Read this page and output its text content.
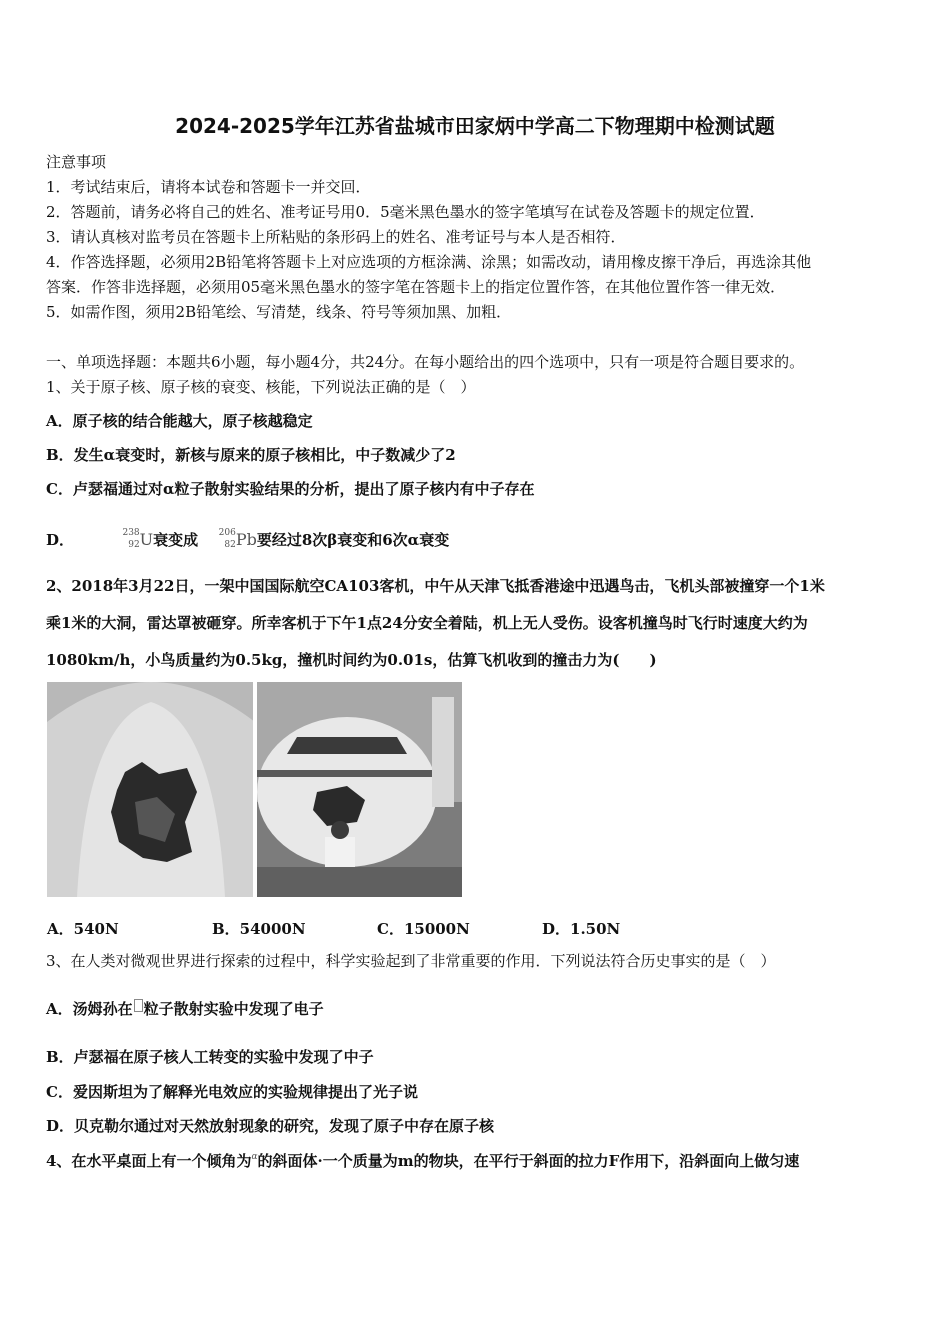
2024-2025学年江苏省盐城市田家炳中学高二下物理期中检测试题
注意事项
1．考试结束后，请将本试卷和答题卡一并交回．
2．答题前，请务必将自己的姓名、准考证号用0．5毫米黑色墨水的签字笔填写在试卷及答题卡的规定位置．
3．请认真核对监考员在答题卡上所粘贴的条形码上的姓名、准考证号与本人是否相符．
4．作答选择题，必须用2B铅笔将答题卡上对应选项的方框涂满、涂黑；如需改动，请用橡皮擦干净后，再选涂其他
答案．作答非选择题，必须用05毫米黑色墨水的签字笔在答题卡上的指定位置作答，在其他位置作答一律无效．
5．如需作图，须用2B铅笔绘、写清楚，线条、符号等须加黑、加粗．
一、单项选择题：本题共6小题，每小题4分，共24分。在每小题给出的四个选项中，只有一项是符合题目要求的。
1、关于原子核、原子核的衰变、核能，下列说法正确的是（　）
A．原子核的结合能越大，原子核越稳定
B．发生α衰变时，新核与原来的原子核相比，中子数减少了2
C．卢瑟福通过对α粒子散射实验结果的分析，提出了原子核内有中子存在
D．	238
92U衰变成 206
82Pb要经过8次β衰变和6次α衰变
2、2018年3月22日，一架中国国际航空CA103客机，中午从天津飞抵香港途中迅遇鸟击，飞机头部被撞穿一个1米
乘1米的大洞，雷达罩被砸穿。所幸客机于下午1点24分安全着陆，机上无人受伤。设客机撞鸟时飞行时速度大约为
1080km/h，小鸟质量约为0.5kg，撞机时间约为0.01s，估算飞机收到的撞击力为(　　)
A．540N	B．54000N	C．15000N	D．1.50N
3、在人类对微观世界进行探索的过程中，科学实验起到了非常重要的作用．下列说法符合历史事实的是（　）
A．汤姆孙在 粒子散射实验中发现了电子
B．卢瑟福在原子核人工转变的实验中发现了中子
C．爱因斯坦为了解释光电效应的实验规律提出了光子说
D．贝克勒尔通过对天然放射现象的研究，发现了原子中存在原子核
4、在水平桌面上有一个倾角为$^\alpha$的斜面体·一个质量为m的物块，在平行于斜面的拉力F作用下，沿斜面向上做匀速
